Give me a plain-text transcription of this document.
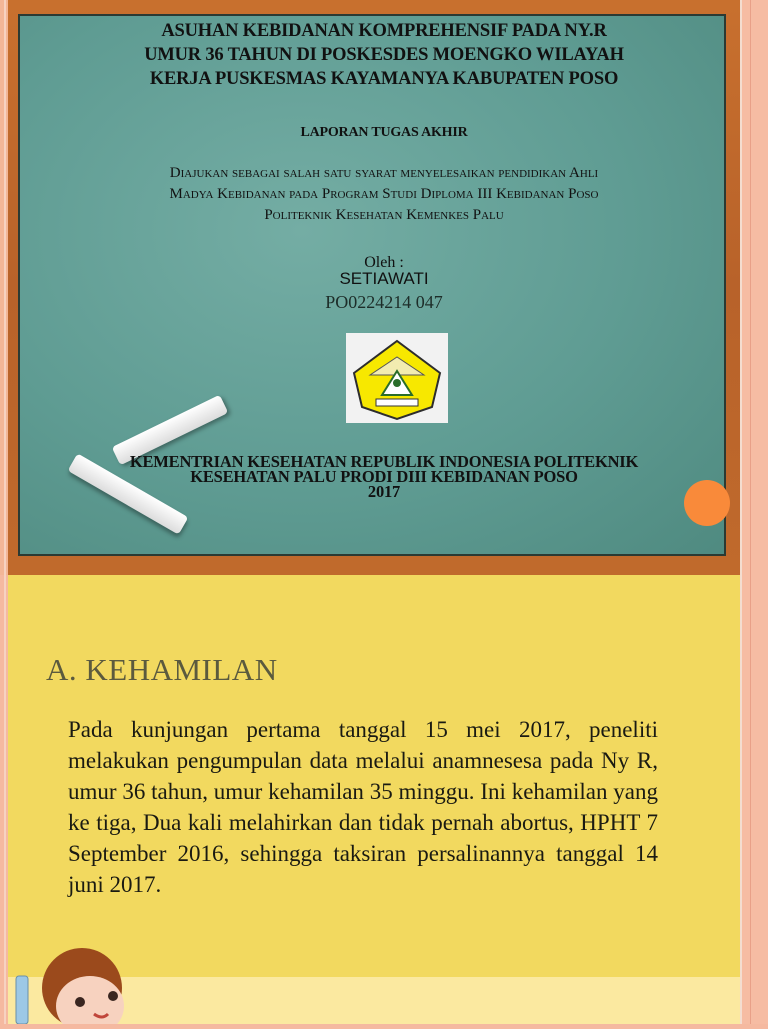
ASUHAN KEBIDANAN KOMPREHENSIF PADA NY.R
UMUR 36 TAHUN DI POSKESDES MOENGKO WILAYAH
KERJA PUSKESMAS KAYAMANYA KABUPATEN POSO
LAPORAN TUGAS AKHIR
Diajukan sebagai salah satu syarat menyelesaikan pendidikan Ahli
Madya Kebidanan pada Program Studi Diploma III Kebidanan Poso
Politeknik Kesehatan Kemenkes Palu
Oleh :
SETIAWATI
PO0224214 047
KEMENTRIAN KESEHATAN REPUBLIK INDONESIA POLITEKNIK
KESEHATAN PALU PRODI DIII KEBIDANAN POSO
2017
A. KEHAMILAN
Pada kunjungan pertama tanggal 15 mei 2017, peneliti melakukan pengumpulan data melalui anamnesesa pada Ny R, umur 36 tahun, umur kehamilan 35 minggu. Ini kehamilan yang ke tiga, Dua kali melahirkan dan tidak pernah abortus, HPHT 7 September 2016, sehingga taksiran persalinannya tanggal 14 juni 2017.
